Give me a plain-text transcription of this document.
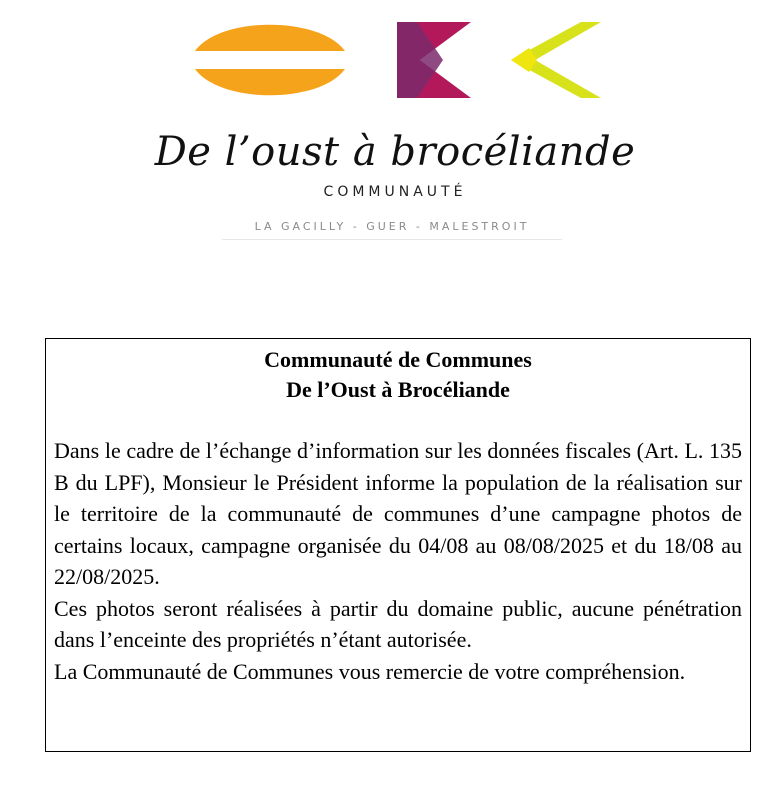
De l’oust à brocéliande

COMMUNAUTÉ

LA GACILLY - GUER - MALESTROIT

Communauté de Communes
De l’Oust à Brocéliande

Dans le cadre de l’échange d’information sur les données fiscales (Art. L. 135 B du LPF), Monsieur le Président informe la population de la réalisation sur le territoire de la communauté de communes d’une campagne photos de certains locaux, campagne organisée du 04/08 au 08/08/2025 et du 18/08 au 22/08/2025.

Ces photos seront réalisées à partir du domaine public, aucune pénétration dans l’enceinte des propriétés n’étant autorisée.

La Communauté de Communes vous remercie de votre compréhension.
